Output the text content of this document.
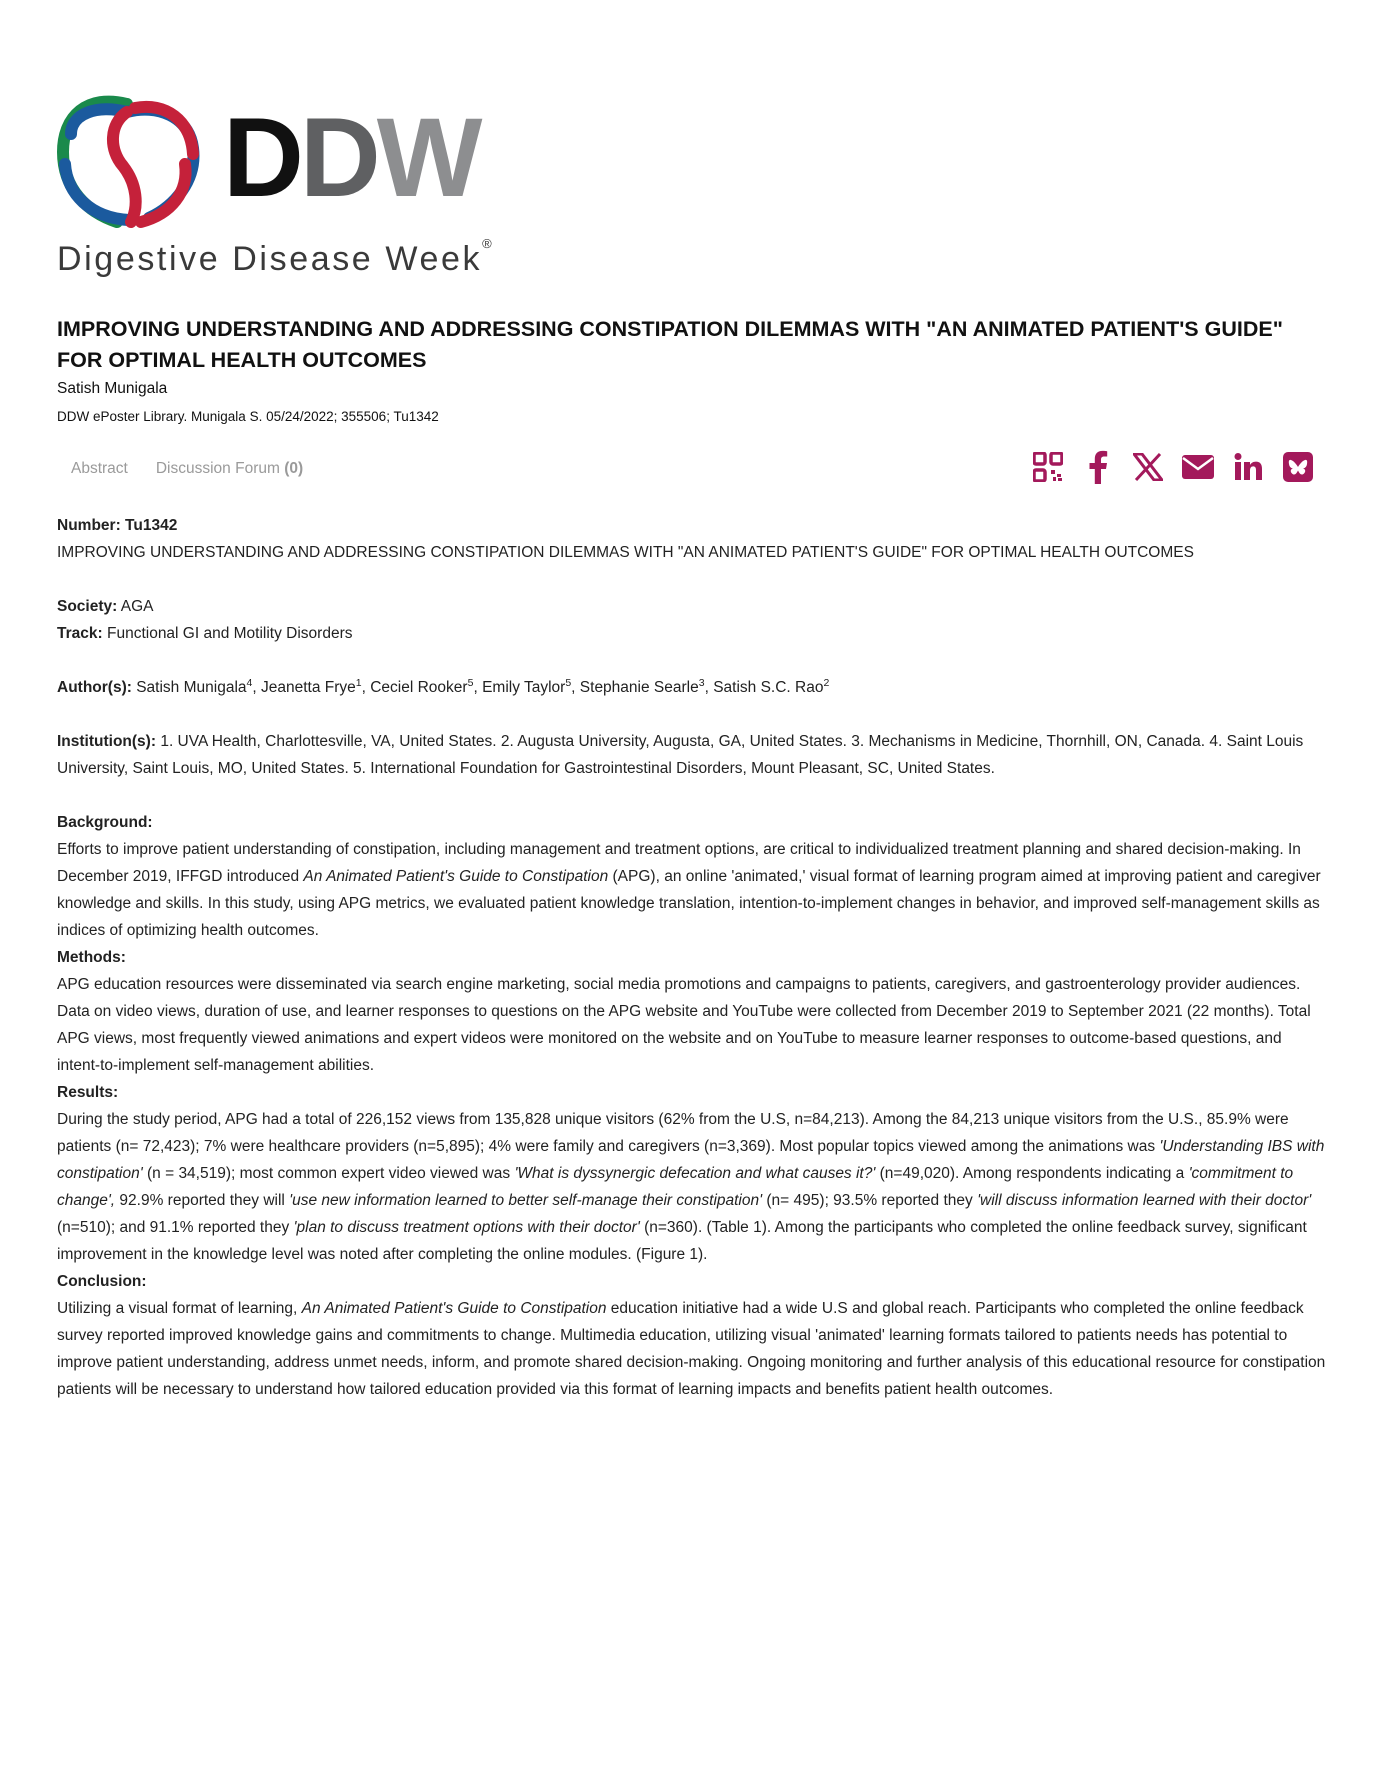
DDW
Digestive Disease Week®
IMPROVING UNDERSTANDING AND ADDRESSING CONSTIPATION DILEMMAS WITH "AN ANIMATED PATIENT'S GUIDE" FOR OPTIMAL HEALTH OUTCOMES
Satish Munigala
DDW ePoster Library. Munigala S. 05/24/2022; 355506; Tu1342
Abstract	Discussion Forum (0)

Number: Tu1342

IMPROVING UNDERSTANDING AND ADDRESSING CONSTIPATION DILEMMAS WITH "AN ANIMATED PATIENT'S GUIDE" FOR OPTIMAL HEALTH OUTCOMES

Society: AGA

Track: Functional GI and Motility Disorders

Author(s): Satish Munigala$^4$, Jeanetta Frye$^1$, Ceciel Rooker$^5$, Emily Taylor$^5$, Stephanie Searle$^3$, Satish S.C. Rao$^2$

Institution(s): 1. UVA Health, Charlottesville, VA, United States. 2. Augusta University, Augusta, GA, United States. 3. Mechanisms in Medicine, Thornhill, ON, Canada. 4. Saint Louis University, Saint Louis, MO, United States. 5. International Foundation for Gastrointestinal Disorders, Mount Pleasant, SC, United States.

Background:

Efforts to improve patient understanding of constipation, including management and treatment options, are critical to individualized treatment planning and shared decision-making. In December 2019, IFFGD introduced An Animated Patient's Guide to Constipation (APG), an online 'animated,' visual format of learning program aimed at improving patient and caregiver knowledge and skills. In this study, using APG metrics, we evaluated patient knowledge translation, intention-to-implement changes in behavior, and improved self-management skills as indices of optimizing health outcomes.

Methods:

APG education resources were disseminated via search engine marketing, social media promotions and campaigns to patients, caregivers, and gastroenterology provider audiences. Data on video views, duration of use, and learner responses to questions on the APG website and YouTube were collected from December 2019 to September 2021 (22 months). Total APG views, most frequently viewed animations and expert videos were monitored on the website and on YouTube to measure learner responses to outcome-based questions, and intent-to-implement self-management abilities.

Results:

During the study period, APG had a total of 226,152 views from 135,828 unique visitors (62% from the U.S, n=84,213). Among the 84,213 unique visitors from the U.S., 85.9% were patients (n= 72,423); 7% were healthcare providers (n=5,895); 4% were family and caregivers (n=3,369). Most popular topics viewed among the animations was 'Understanding IBS with constipation' (n = 34,519); most common expert video viewed was 'What is dyssynergic defecation and what causes it?' (n=49,020). Among respondents indicating a 'commitment to change', 92.9% reported they will 'use new information learned to better self-manage their constipation' (n= 495); 93.5% reported they 'will discuss information learned with their doctor' (n=510); and 91.1% reported they 'plan to discuss treatment options with their doctor' (n=360). (Table 1). Among the participants who completed the online feedback survey, significant improvement in the knowledge level was noted after completing the online modules. (Figure 1).

Conclusion:

Utilizing a visual format of learning, An Animated Patient's Guide to Constipation education initiative had a wide U.S and global reach. Participants who completed the online feedback survey reported improved knowledge gains and commitments to change. Multimedia education, utilizing visual 'animated' learning formats tailored to patients needs has potential to improve patient understanding, address unmet needs, inform, and promote shared decision-making. Ongoing monitoring and further analysis of this educational resource for constipation patients will be necessary to understand how tailored education provided via this format of learning impacts and benefits patient health outcomes.
